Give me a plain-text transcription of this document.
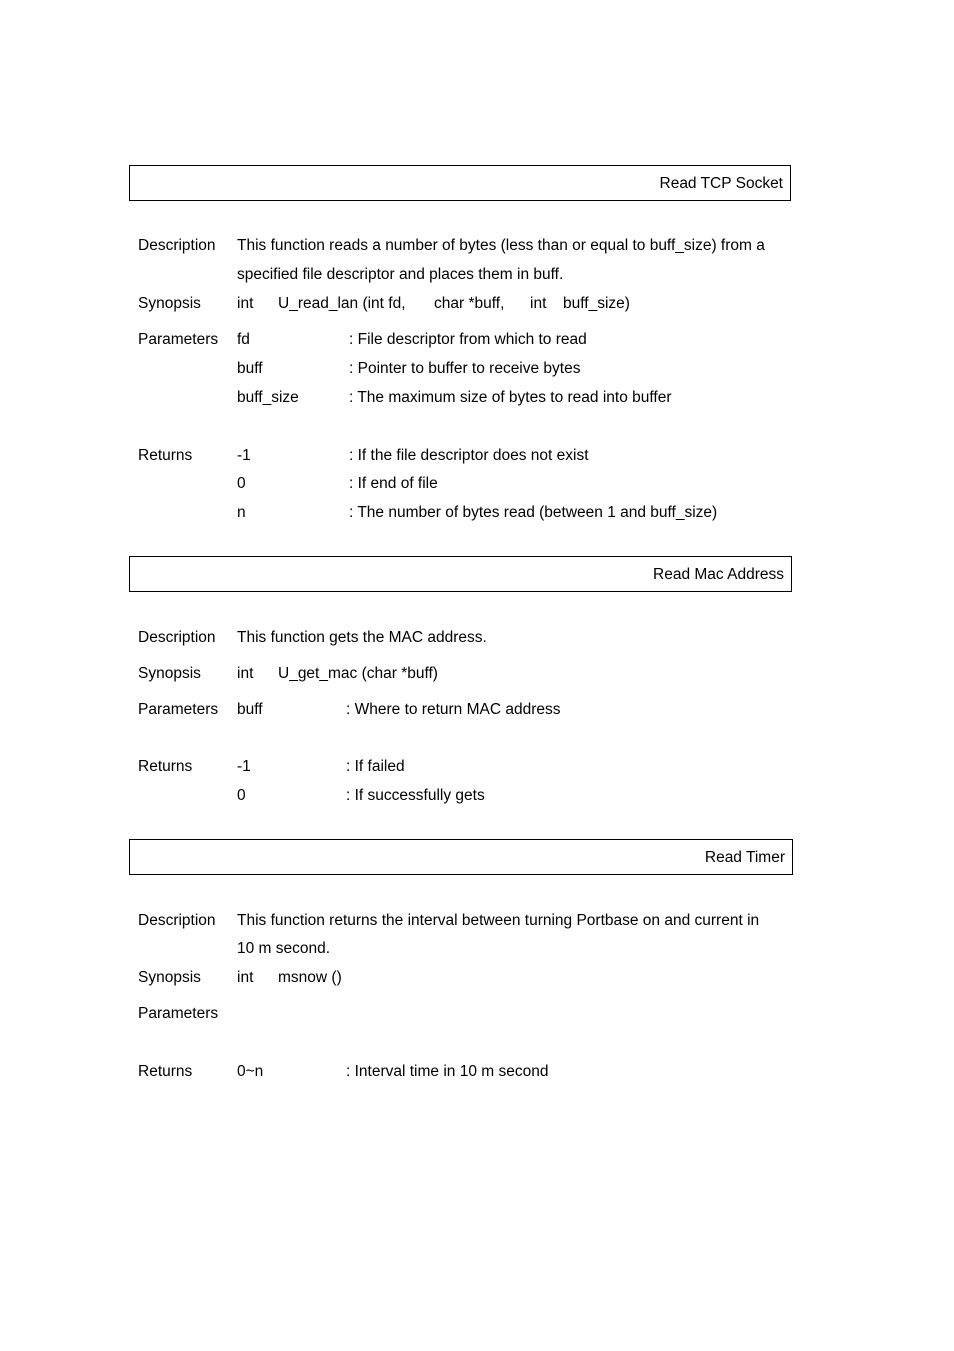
Read TCP Socket
Description This function reads a number of bytes (less than or equal to buff_size) from a
specified file descriptor and places them in buff.
Synopsis int U_read_lan (int fd, char *buff, int buff_size)
Parameters fd	: File descriptor from which to read
buff	: Pointer to buffer to receive bytes
buff_size	: The maximum size of bytes to read into buffer
Returns	-1	: If the file descriptor does not exist
0	: If end of file
n	: The number of bytes read (between 1 and buff_size)
Read Mac Address
Description This function gets the MAC address.
Synopsis int U_get_mac (char *buff)
Parameters buff	: Where to return MAC address
Returns	-1	: If failed
0	: If successfully gets
Read Timer
Description This function returns the interval between turning Portbase on and current in
10 m second.
Synopsis int msnow ()
Parameters
Returns	0~n	: Interval time in 10 m second
